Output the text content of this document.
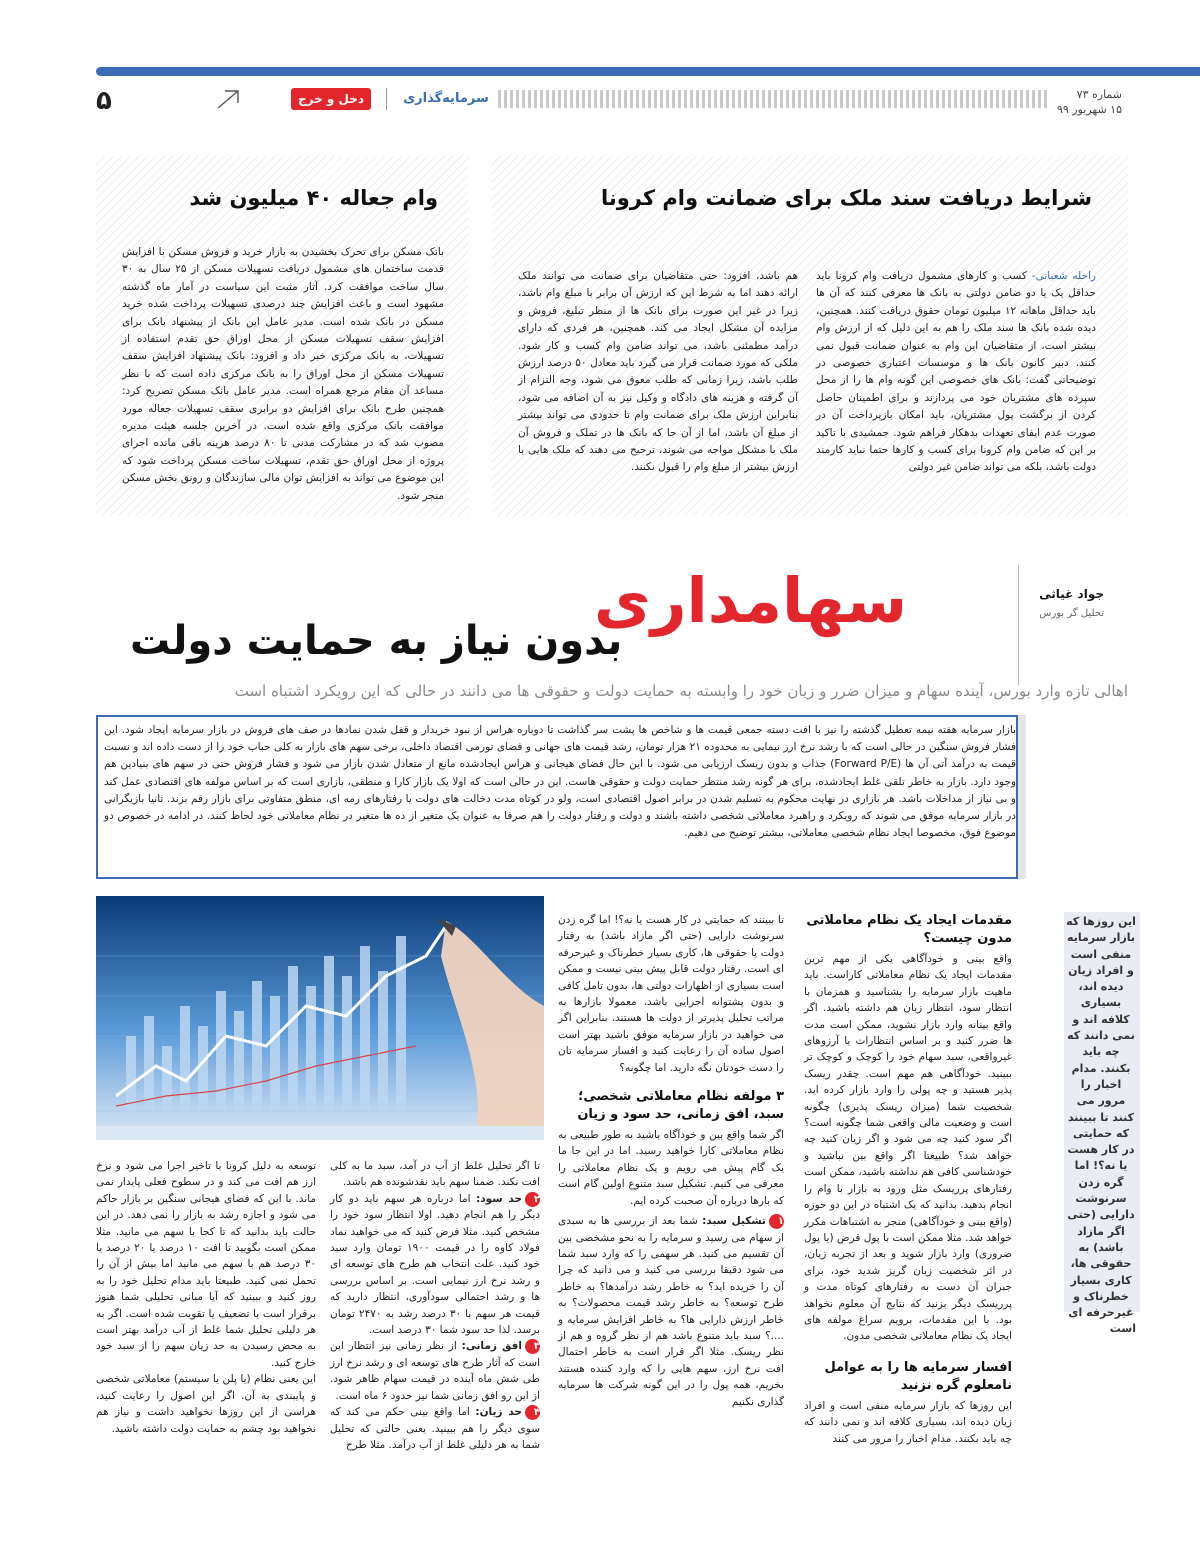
شماره ۷۳
۱۵ شهریور ۹۹
سرمایه‌گذاری
دخل و خرج
۵
شرایط دریافت سند ملک برای ضمانت وام کرونا

راحله شعبانی- کسب و کارهای مشمول دریافت وام کرونا باید حداقل یک یا دو ضامن دولتی به بانک ها معرفی کنند که آن ها باید حداقل ماهانه ۱۲ میلیون تومان حقوق دریافت کنند. همچنین، دیده شده بانک ها سند ملک را هم به این دلیل که از ارزش وام بیشتر است، از متقاضیان این وام به عنوان ضمانت قبول نمی کنند. دبیر کانون بانک ها و موسسات اعتباری خصوصی در توضیحاتی گفت: بانک های خصوصی این گونه وام ها را از محل سپرده های مشتریان خود می پردازند و برای اطمینان حاصل کردن از برگشت پول مشتریان، باید امکان بازپرداخت آن در صورت عدم ایفای تعهدات بدهکار فراهم شود. جمشیدی با تاکید بر این که ضامن وام کرونا برای کسب و کارها حتما نباید کارمند دولت باشد، بلکه می تواند ضامن غیر دولتی

هم باشد، افزود: حتی متقاضیان برای ضمانت می توانند ملک ارائه دهند اما به شرط این که ارزش آن برابر با مبلغ وام باشد، زیرا در غیر این صورت برای بانک ها از منظر تبلیغ، فروش و مزایده آن مشکل ایجاد می کند. همچنین، هر فردی که دارای درآمد مطمئنی باشد، می تواند ضامن وام کسب و کار شود. ملکی که مورد ضمانت قرار می گیرد باید معادل ۵۰ درصد ارزش طلب باشد، زیرا زمانی که طلب معوق می شود، وجه التزام از آن گرفته و هزینه های دادگاه و وکیل نیز به آن اضافه می شود، بنابراین ارزش ملک برای ضمانت وام تا حدودی می تواند بیشتر از مبلغ آن باشد، اما از آن جا که بانک ها در تملک و فروش آن ملک با مشکل مواجه می شوند، ترجیح می دهند که ملک هایی با ارزش بیشتر از مبلغ وام را قبول نکنند.

وام جعاله ۴۰ میلیون شد

بانک مسکن برای تحرک بخشیدن به بازار خرید و فروش مسکن با افزایش قدمت ساختمان های مشمول دریافت تسهیلات مسکن از ۲۵ سال به ۳۰ سال ساخت موافقت کرد. آثار مثبت این سیاست در آمار ماه گذشته مشهود است و باعث افزایش چند درصدی تسهیلات پرداخت شده خرید مسکن در بانک شده است. مدیر عامل این بانک از پیشنهاد بانک برای افزایش سقف تسهیلات مسکن از محل اوراق حق تقدم استفاده از تسهیلات، به بانک مرکزی خبر داد و افزود: بانک پیشنهاد افزایش سقف تسهیلات مسکن از محل اوراق را به بانک مرکزی داده است که با نظر مساعد آن مقام مرجع همراه است. مدیر عامل بانک مسکن تصریح کرد: همچنین طرح بانک برای افزایش دو برابری سقف تسهیلات جعاله مورد موافقت بانک مرکزی واقع شده است. در آخرین جلسه هیئت مدیره مصوب شد که در مشارکت مدنی تا ۸۰ درصد هزینه باقی مانده اجرای پروژه از محل اوراق حق تقدم، تسهیلات ساخت مسکن پرداخت شود که این موضوع می تواند به افزایش توان مالی سازندگان و رونق بخش مسکن منجر شود.

جواد غیاثی
تحلیل گر بورس
سهامداری
بدون نیاز به حمایت دولت
اهالی تازه وارد بورس، آینده سهام و میزان ضرر و زیان خود را وابسته به حمایت دولت و حقوقی ها می دانند در حالی که این رویکرد اشتباه است

بازار سرمایه هفته نیمه تعطیل گذشته را نیز با افت دسته جمعی قیمت ها و شاخص ها پشت سر گذاشت تا دوباره هراس از نبود خریدار و قفل شدن نمادها در صف های فروش در بازار سرمایه ایجاد شود. این فشار فروش سنگین در حالی است که با رشد نرخ ارز نیمایی به محدوده ۲۱ هزار تومان، رشد قیمت های جهانی و فضای تورمی اقتصاد داخلی، برخی سهم های بازار به کلی حباب خود را از دست داده اند و نسبت قیمت به درآمد آتی آن ها (Forward P/E) جذاب و بدون ریسک ارزیابی می شود. با این حال فضای هیجانی و هراس ایجادشده مانع از متعادل شدن بازار می شود و فشار فروش حتی در سهم های بنیادین هم وجود دارد. بازار به خاطر تلقی غلط ایجادشده، برای هر گونه رشد منتظر حمایت دولت و حقوقی هاست. این در حالی است که اولا یک بازار کارا و منطقی، بازاری است که بر اساس مولفه های اقتصادی عمل کند و بی نیاز از مداخلات باشد. هر بازاری در نهایت محکوم به تسلیم شدن در برابر اصول اقتصادی است، ولو در کوتاه مدت دخالت های دولت یا رفتارهای رمه ای، منطق متفاوتی برای بازار رقم بزند. ثانیا بازیگرانی در بازار سرمایه موفق می شوند که رویکرد و راهبرد معاملاتی شخصی داشته باشند و دولت و رفتار دولت را هم صرفا به عنوان یک متغیر از ده ها متغیر در نظام معاملاتی خود لحاظ کنند. در ادامه در خصوص دو موضوع فوق، مخصوصا ایجاد نظام شخصی معاملاتی، بیشتر توضیح می دهیم.

این روزها که بازار سرمایه منفی است و افراد زیان دیده اند، بسیاری کلافه اند و نمی دانند که چه باید بکنند. مدام اخبار را مرور می کنند تا ببینند که حمایتی در کار هست یا نه؟! اما گره زدن سرنوشت دارایی (حتی اگر مازاد باشد) به حقوقی ها، کاری بسیار خطرناک و غیرحرفه ای است

مقدمات ایجاد یک نظام معاملاتی مدون چیست؟

واقع بینی و خودآگاهی یکی از مهم ترین مقدمات ایجاد یک نظام معاملاتی کاراست. باید ماهیت بازار سرمایه را بشناسید و همزمان با انتظار سود، انتظار زیان هم داشته باشید. اگر واقع بینانه وارد بازار نشوید، ممکن است مدت ها ضرر کنید و بر اساس انتظارات یا آرزوهای غیرواقعی، سبد سهام خود را کوچک و کوچک تر ببینید. خودآگاهی هم مهم است. چقدر ریسک پذیر هستید و چه پولی را وارد بازار کرده اید. شخصیت شما (میزان ریسک پذیری) چگونه است و وضعیت مالی واقعی شما چگونه است؟ اگر سود کنید چه می شود و اگر زیان کنید چه خواهد شد؟ طبیعتا اگر واقع بین نباشید و خودشناسی کافی هم نداشته باشید، ممکن است رفتارهای پرریسک مثل ورود به بازار با وام را انجام بدهید. بدانید که یک اشتباه در این دو حوزه (واقع بینی و خودآگاهی) منجر به اشتباهات مکرر خواهد شد. مثلا ممکن است با پول قرض (یا پول ضروری) وارد بازار شوید و بعد از تجربه زیان، در اثر شخصیت زیان گریز شدید خود، برای جبران آن دست به رفتارهای کوتاه مدت و پرریسک دیگر بزنید که نتایج آن معلوم نخواهد بود. با این مقدمات، برویم سراغ مولفه های ایجاد یک نظام معاملاتی شخصی مدون.

افسار سرمایه ها را به عوامل نامعلوم گره نزنید

این روزها که بازار سرمایه منفی است و افراد زیان دیده اند، بسیاری کلافه اند و نمی دانند که چه باید بکنند. مدام اخبار را مرور می کنند

تا ببینند که حمایتی در کار هست یا نه؟! اما گره زدن سرنوشت دارایی (حتی اگر مازاد باشد) به رفتار دولت یا حقوقی ها، کاری بسیار خطرناک و غیرحرفه ای است. رفتار دولت قابل پیش بینی نیست و ممکن است بسیاری از اظهارات دولتی ها، بدون تامل کافی و بدون پشتوانه اجرایی باشد. معمولا بازارها به مراتب تحلیل پذیرتر از دولت ها هستند. بنابراین اگر می خواهید در بازار سرمایه موفق باشید بهتر است اصول ساده آن را رعایت کنید و افسار سرمایه تان را دست خودتان نگه دارید. اما چگونه؟

۳ مولفه نظام معاملاتی شخصی؛ سبد، افق زمانی، حد سود و زیان

اگر شما واقع بین و خودآگاه باشید به طور طبیعی به نظام معاملاتی کارا خواهید رسید. اما در این جا ما یک گام پیش می رویم و یک نظام معاملاتی را معرفی می کنیم. تشکیل سبد متنوع اولین گام است که بارها درباره آن صحبت کرده ایم.

۱تشکیل سبد: شما بعد از بررسی ها به سبدی از سهام می رسید و سرمایه را به نحو مشخصی بین آن تقسیم می کنید. هر سهمی را که وارد سبد شما می شود دقیقا بررسی می کنید و می دانید که چرا آن را خریده اید؟ به خاطر رشد درآمدها؟ به خاطر طرح توسعه؟ به خاطر رشد قیمت محصولات؟ به خاطر ارزش دارایی ها؟ به خاطر افزایش سرمایه و ....؟ سبد باید متنوع باشد هم از نظر گروه و هم از نظر ریسک. مثلا اگر قرار است به خاطر احتمال افت نرخ ارز، سهم هایی را که وارد کننده هستند بخریم، همه پول را در این گونه شرکت ها سرمایه گذاری نکنیم

تا اگر تحلیل غلط از آب در آمد، سبد ما به کلی افت نکند. ضمنا سهم باید نقدشونده هم باشد.

۲حد سود: اما درباره هر سهم باید دو کار دیگر را هم انجام دهید. اولا انتظار سود خود را مشخص کنید. مثلا فرض کنید که می خواهید نماد فولاد کاوه را در قیمت ۱۹۰۰ تومان وارد سبد خود کنید. علت انتخاب هم طرح های توسعه ای و رشد نرخ ارز نیمایی است. بر اساس بررسی ها و رشد احتمالی سودآوری، انتظار دارید که قیمت هر سهم با ۳۰ درصد رشد به ۲۴۷۰ تومان برسد. لذا حد سود شما ۳۰ درصد است.

۳افق زمانی: از نظر زمانی نیز انتظار این است که آثار طرح های توسعه ای و رشد نرخ ارز طی شش ماه آینده در قیمت سهام ظاهر شود. از این رو افق زمانی شما نیز حدود ۶ ماه است.

۴حد زیان: اما واقع بینی حکم می کند که سوی دیگر را هم ببینید. یعنی حالتی که تحلیل شما به هر دلیلی غلط از آب درآمد. مثلا طرح

توسعه به دلیل کرونا با تاخیر اجرا می شود و نرخ ارز هم افت می کند و در سطوح فعلی پایدار نمی ماند. با این که فضای هیجانی سنگین بر بازار حاکم می شود و اجازه رشد به بازار را نمی دهد. در این حالت باید بدانید که تا کجا با سهم می مانید. مثلا ممکن است بگویید تا افت ۱۰ درصد یا ۲۰ درصد یا ۳۰ درصد هم با سهم می مانید اما بیش از آن را تحمل نمی کنید. طبیعتا باید مدام تحلیل خود را به روز کنید و ببینید که آیا مبانی تحلیلی شما هنوز برقرار است یا تضعیف یا تقویت شده است. اگر به هر دلیلی تحلیل شما غلط از آب درآمد بهتر است به محض رسیدن به حد زیان سهم را از سبد خود خارج کنید.

این یعنی نظام (یا پلن یا سیستم) معاملاتی شخصی و پایبندی به آن. اگر این اصول را رعایت کنید، هراسی از این روزها نخواهید داشت و نیاز هم نخواهید بود چشم به حمایت دولت داشته باشید.
